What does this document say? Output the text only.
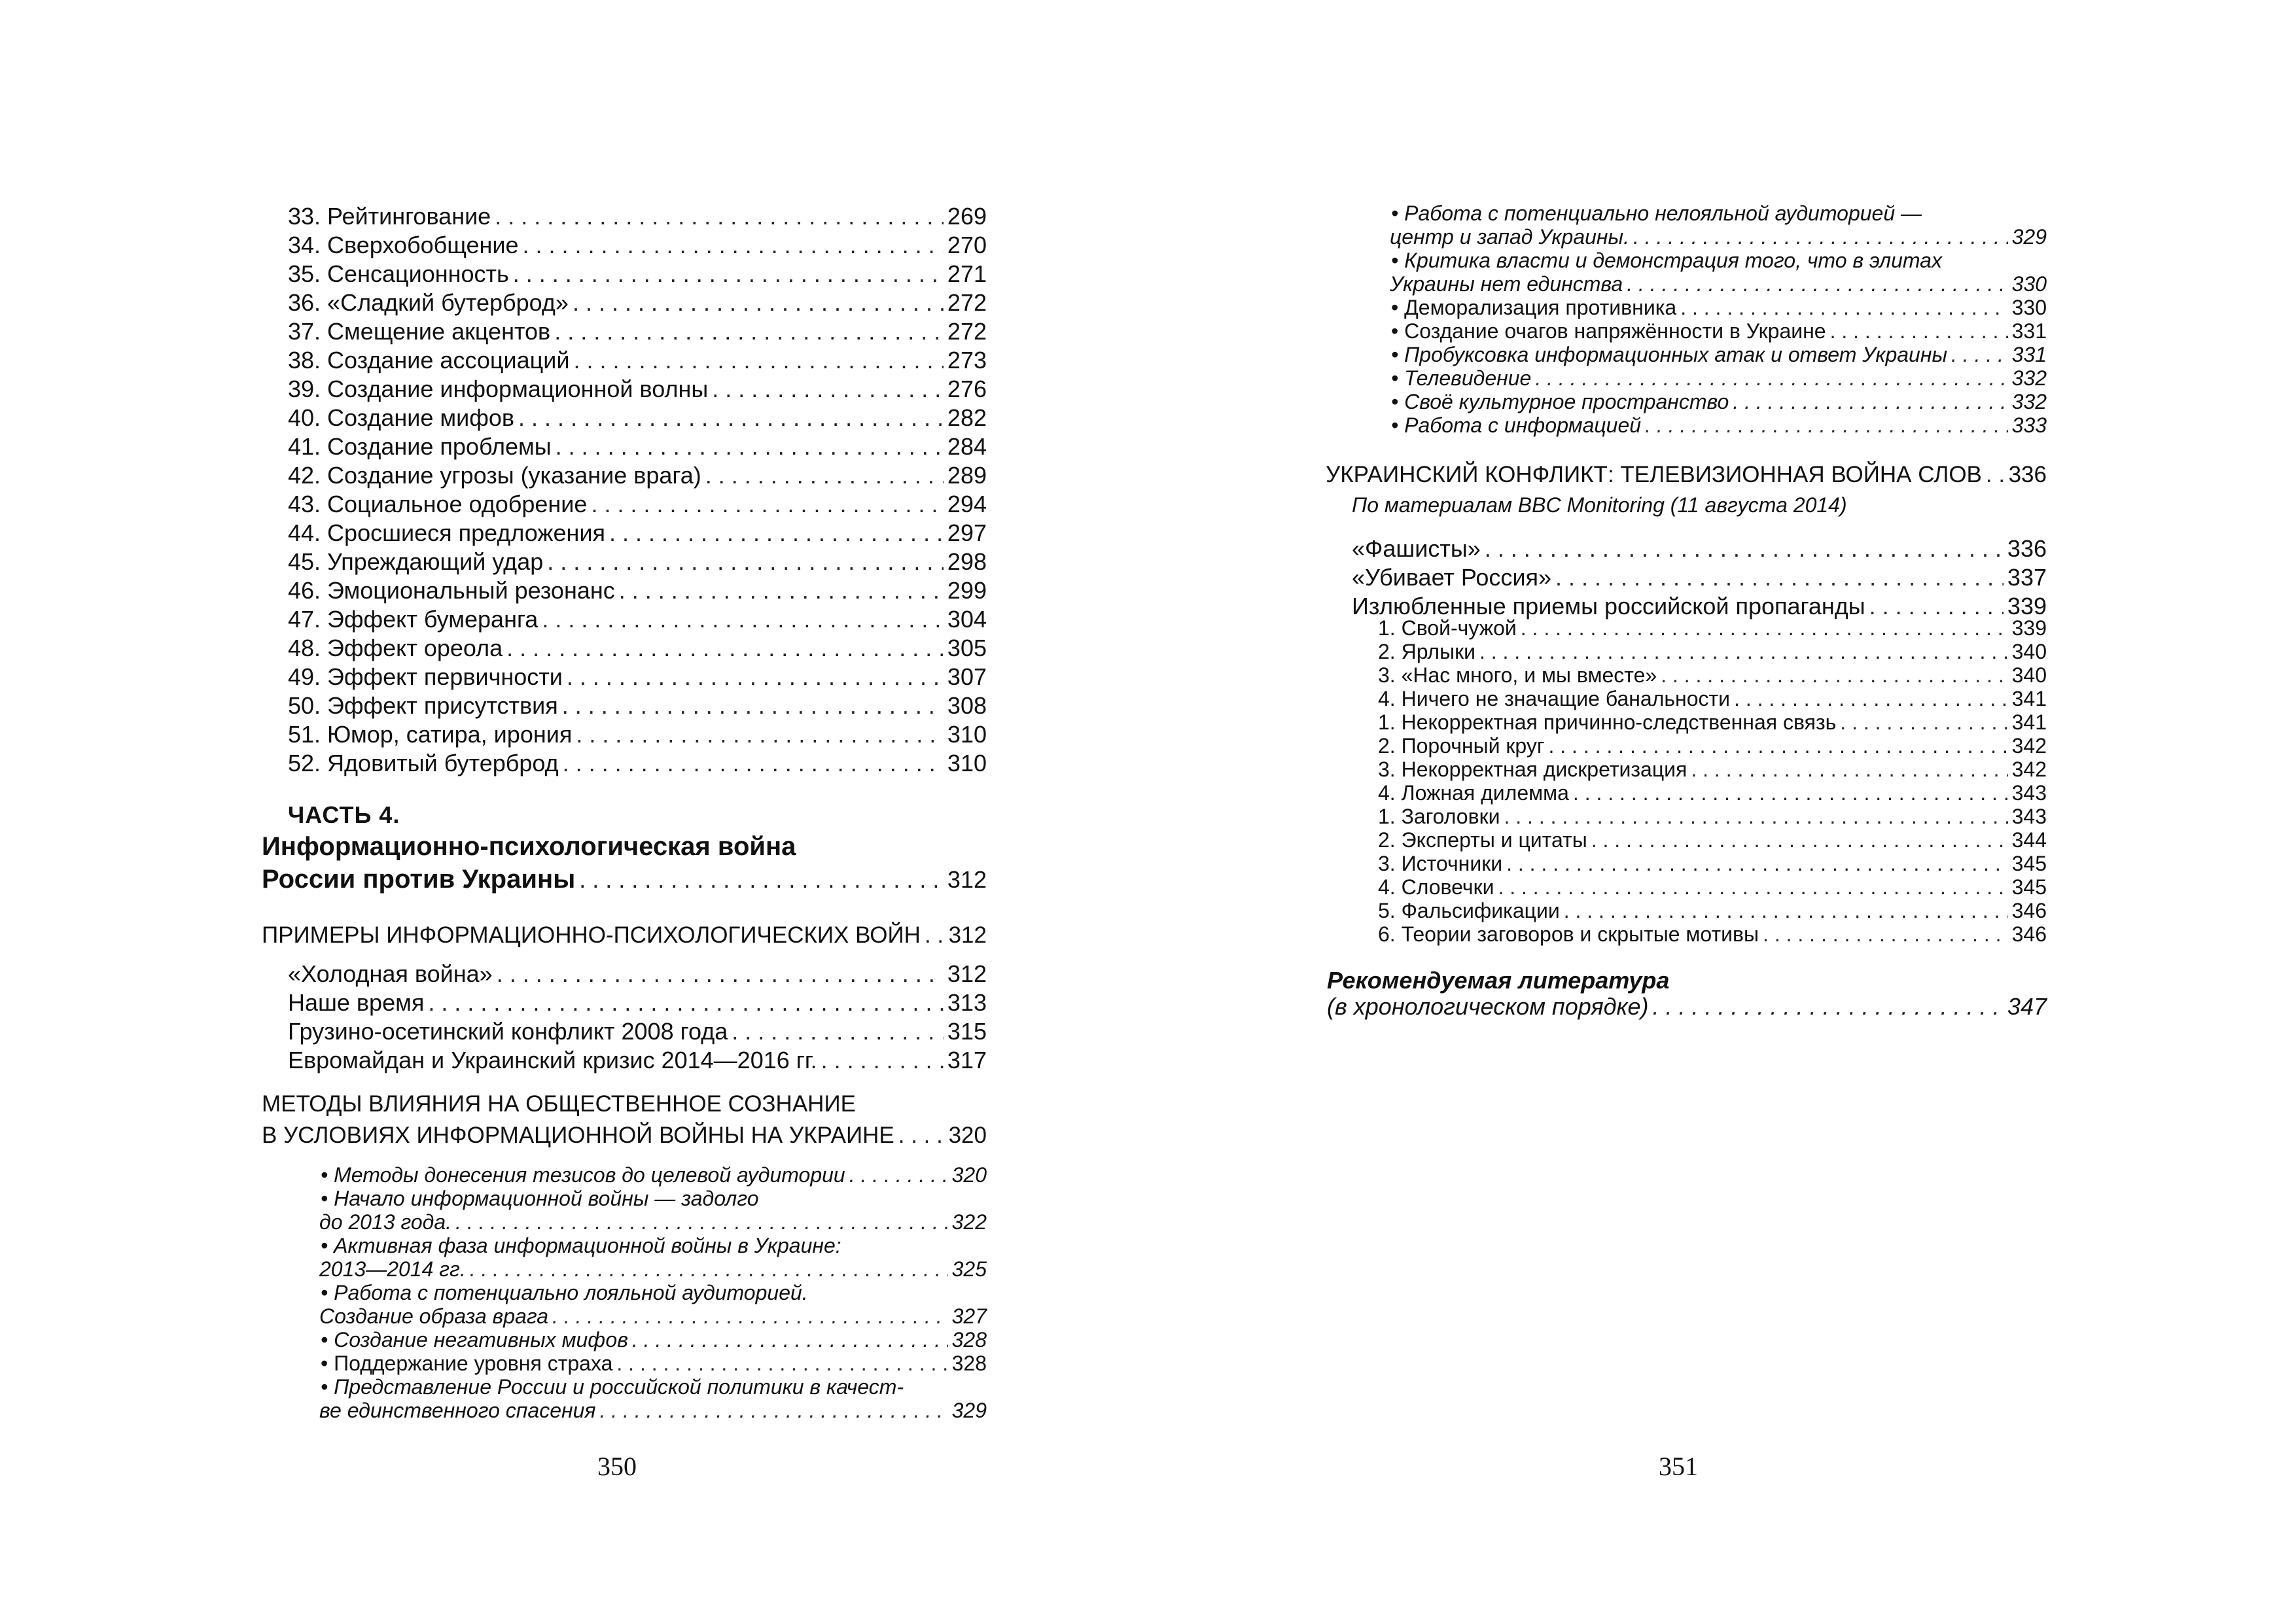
33. Рейтингование . . .	269
34. Сверхобобщение . . .	270
35. Сенсационность . . .	271
36. «Сладкий бутерброд» . . .	272
37. Смещение акцентов . . .	272
38. Создание ассоциаций . . .	273
39. Создание информационной волны . . .	276
40. Создание мифов . . .	282
41. Создание проблемы . . .	284
42. Создание угрозы (указание врага) . . .	289
43. Социальное одобрение . . .	294
44. Сросшиеся предложения . . .	297
45. Упреждающий удар . . .	298
46. Эмоциональный резонанс . . .	299
47. Эффект бумеранга . . .	304
48. Эффект ореола . . .	305
49. Эффект первичности . . .	307
50. Эффект присутствия . . .	308
51. Юмор, сатира, ирония . . .	310
52. Ядовитый бутерброд . . .	310
ЧАСТЬ 4.
Информационно-психологическая война
России против Украины . . .	312
ПРИМЕРЫ ИНФОРМАЦИОННО-ПСИХОЛОГИЧЕСКИХ ВОЙН . . . 312
«Холодная война» . . .	312
Наше время . . .	313
Грузино-осетинский конфликт 2008 года . . .	315
Евромайдан и Украинский кризис 2014—2016 гг. . . .	317
МЕТОДЫ ВЛИЯНИЯ НА ОБЩЕСТВЕННОЕ СОЗНАНИЕ
В УСЛОВИЯХ ИНФОРМАЦИОННОЙ ВОЙНЫ НА УКРАИНЕ . . . 320
• Методы донесения тезисов до целевой аудитории . . .	320
• Начало информационной войны — задолго
до 2013 года. . . .	322
• Активная фаза информационной войны в Украине:
2013—2014 гг. . . .	325
• Работа с потенциально лояльной аудиторией.
Создание образа врага . . .	327
• Создание негативных мифов . . .	328
• Поддержание уровня страха . . .	328
• Представление России и российской политики в качест-
ве единственного спасения . . .	329
350
• Работа с потенциально нелояльной аудиторией —
центр и запад Украины. . . .	329
• Критика власти и демонстрация того, что в элитах
Украины нет единства . . .	330
• Деморализация противника . . .	330
• Создание очагов напряжённости в Украине . . .	331
• Пробуксовка информационных атак и ответ Украины . . .	331
• Телевидение . . .	332
• Своё культурное пространство . . .	332
• Работа с информацией . . .	333
УКРАИНСКИЙ КОНФЛИКТ: ТЕЛЕВИЗИОННАЯ ВОЙНА СЛОВ . . . 336
По материалам BBC Monitoring (11 августа 2014)
«Фашисты» . . .	336
«Убивает Россия» . . .	337
Излюбленные приемы российской пропаганды . . .	339
1. Свой-чужой . . .	339
2. Ярлыки . . .	340
3. «Нас много, и мы вместе» . . .	340
4. Ничего не значащие банальности . . .	341
1. Некорректная причинно-следственная связь . . .	341
2. Порочный круг . . .	342
3. Некорректная дискретизация . . .	342
4. Ложная дилемма . . .	343
1. Заголовки . . .	343
2. Эксперты и цитаты . . .	344
3. Источники . . .	345
4. Словечки . . .	345
5. Фальсификации . . .	346
6. Теории заговоров и скрытые мотивы . . .	346
Рекомендуемая литература
(в хронологическом порядке) . . .	347
351
